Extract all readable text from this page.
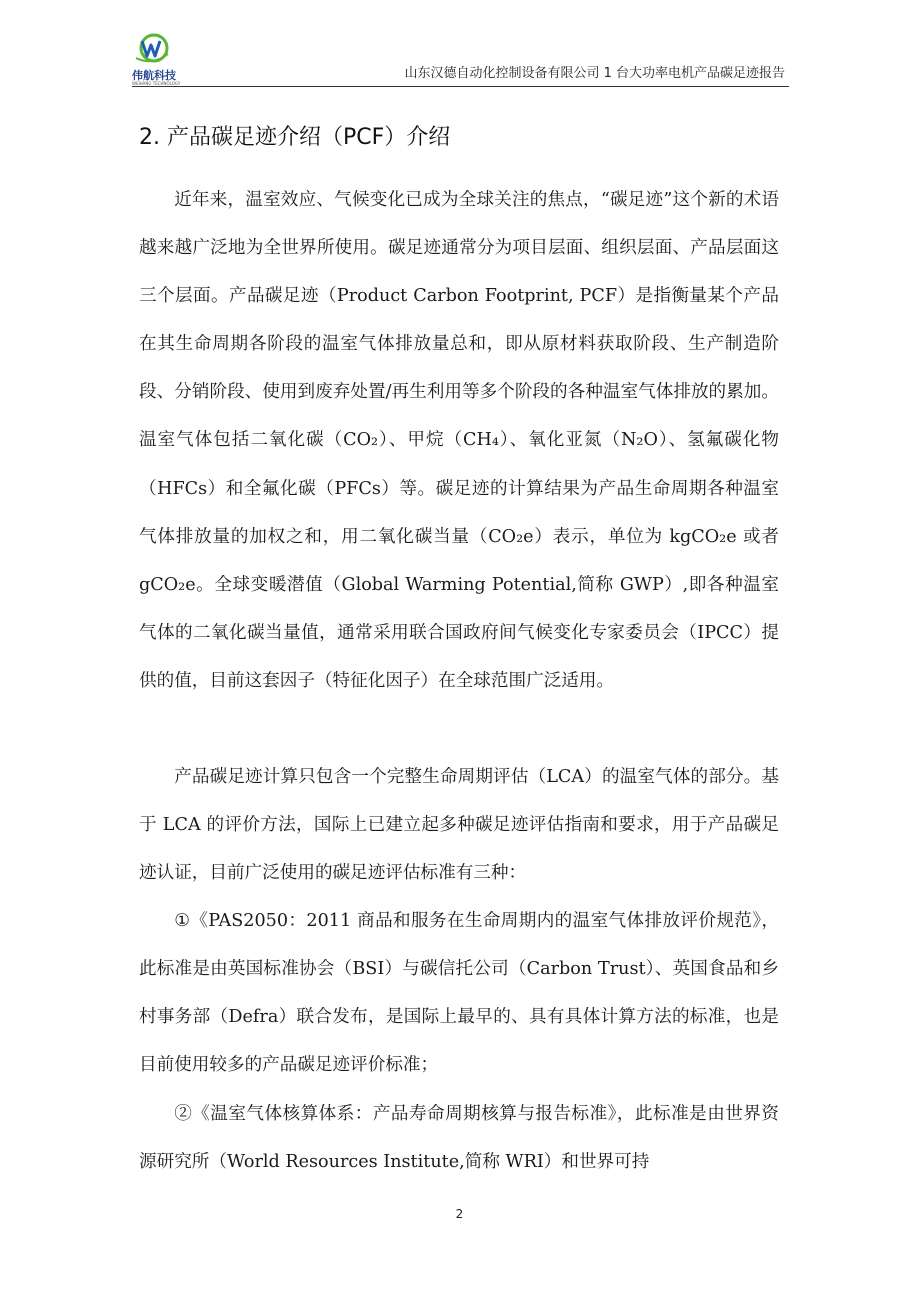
伟航科技
WEIHANG TECHNOLOGY
山东汉德自动化控制设备有限公司 1 台大功率电机产品碳足迹报告
2. 产品碳足迹介绍（PCF）介绍

近年来，温室效应、气候变化已成为全球关注的焦点，“碳足迹”这个新的术语越来越广泛地为全世界所使用。碳足迹通常分为项目层面、组织层面、产品层面这三个层面。产品碳足迹（Product Carbon Footprint, PCF）是指衡量某个产品在其生命周期各阶段的温室气体排放量总和，即从原材料获取阶段、生产制造阶段、分销阶段、使用到废弃处置/再生利用等多个阶段的各种温室气体排放的累加。温室气体包括二氧化碳（CO₂）、甲烷（CH₄）、氧化亚氮（N₂O）、氢氟碳化物（HFCs）和全氟化碳（PFCs）等。碳足迹的计算结果为产品生命周期各种温室气体排放量的加权之和，用二氧化碳当量（CO₂e）表示，单位为 kgCO₂e 或者 gCO₂e。全球变暖潜值（Global Warming Potential,简称 GWP）,即各种温室气体的二氧化碳当量值，通常采用联合国政府间气候变化专家委员会（IPCC）提供的值，目前这套因子（特征化因子）在全球范围广泛适用。

产品碳足迹计算只包含一个完整生命周期评估（LCA）的温室气体的部分。基于 LCA 的评价方法，国际上已建立起多种碳足迹评估指南和要求，用于产品碳足迹认证，目前广泛使用的碳足迹评估标准有三种：

①《PAS2050：2011 商品和服务在生命周期内的温室气体排放评价规范》，此标准是由英国标准协会（BSI）与碳信托公司（Carbon Trust）、英国食品和乡村事务部（Defra）联合发布，是国际上最早的、具有具体计算方法的标准，也是目前使用较多的产品碳足迹评价标准；

②《温室气体核算体系：产品寿命周期核算与报告标准》，此标准是由世界资源研究所（World Resources Institute,简称 WRI）和世界可持

2
